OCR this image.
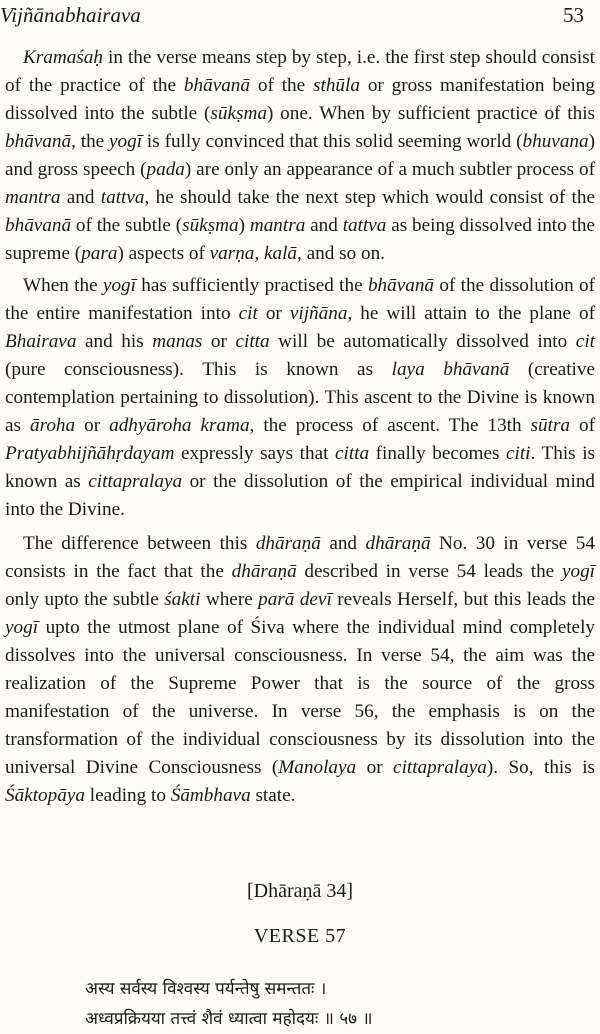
Vijñānabhairava	53

Kramaśaḥ in the verse means step by step, i.e. the first step should consist of the practice of the bhāvanā of the sthūla or gross manifestation being dissolved into the subtle (sūkṣma) one. When by sufficient practice of this bhāvanā, the yogī is fully convinced that this solid seeming world (bhuvana) and gross speech (pada) are only an appearance of a much subtler process of mantra and tattva, he should take the next step which would consist of the bhāvanā of the subtle (sūkṣma) mantra and tattva as being dissolved into the supreme (para) aspects of varṇa, kalā, and so on.

When the yogī has sufficiently practised the bhāvanā of the dissolution of the entire manifestation into cit or vijñāna, he will attain to the plane of Bhairava and his manas or citta will be automatically dissolved into cit (pure consciousness). This is known as laya bhāvanā (creative contemplation pertaining to dissolution). This ascent to the Divine is known as āroha or adhyāroha krama, the process of ascent. The 13th sūtra of Pratyabhijñāhṛdayam expressly says that citta finally becomes citi. This is known as cittapralaya or the dissolution of the empirical individual mind into the Divine.

The difference between this dhāraṇā and dhāraṇā No. 30 in verse 54 consists in the fact that the dhāraṇā described in verse 54 leads the yogī only upto the subtle śakti where parā devī reveals Herself, but this leads the yogī upto the utmost plane of Śiva where the individual mind completely dissolves into the universal consciousness. In verse 54, the aim was the realization of the Supreme Power that is the source of the gross manifestation of the universe. In verse 56, the emphasis is on the transformation of the individual consciousness by its dissolution into the universal Divine Consciousness (Manolaya or cittapralaya). So, this is Śāktopāya leading to Śāmbhava state.

[Dhāraṇā 34]

VERSE 57

अस्य सर्वस्य विश्वस्य पर्यन्तेषु समन्ततः ।
अध्वप्रक्रियया तत्त्वं शैवं ध्यात्वा महोदयः ॥ ५७ ॥
